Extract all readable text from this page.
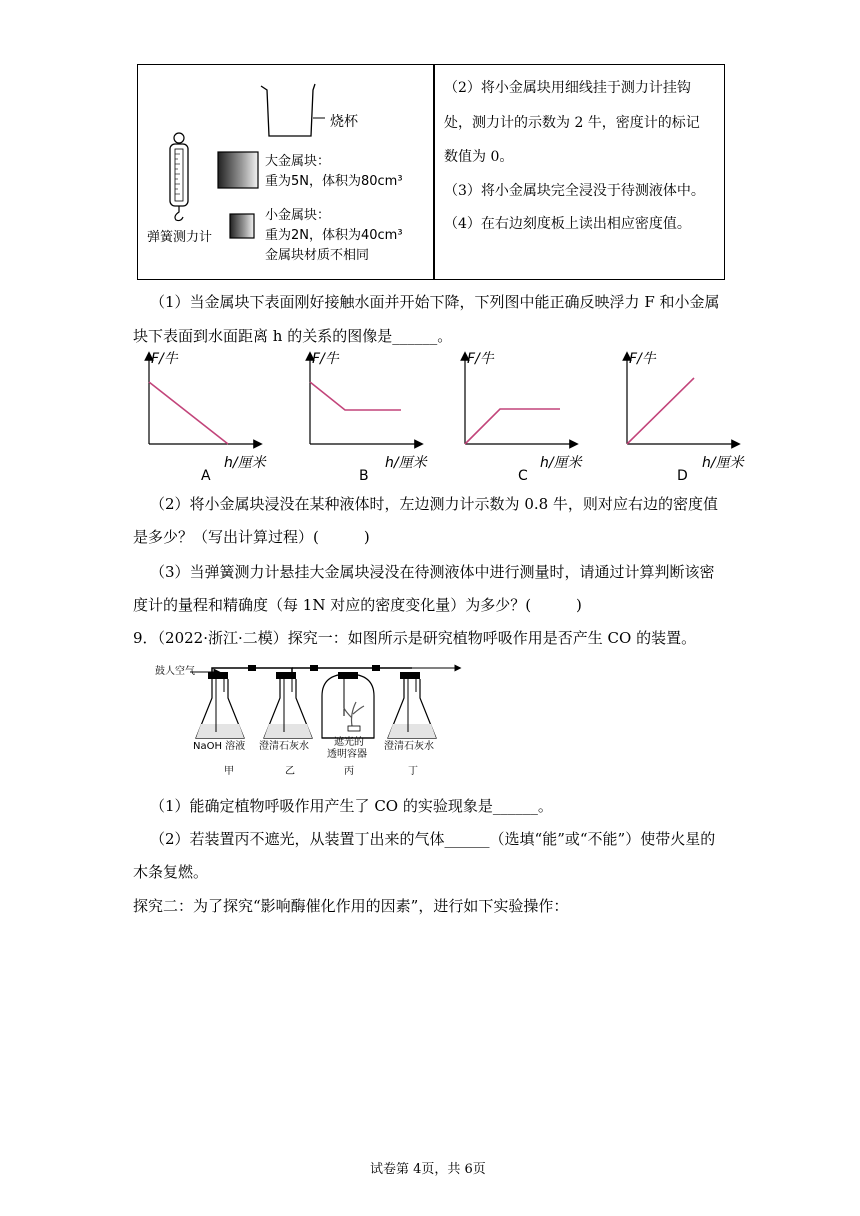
烧杯
大金属块：
重为5N，体积为80cm³
小金属块：
重为2N，体积为40cm³
金属块材质不相同
弹簧测力计
（2）将小金属块用细线挂于测力计挂钩
处，测力计的示数为 2 牛，密度计的标记
数值为 0。
（3）将小金属块完全浸没于待测液体中。
（4）在右边刻度板上读出相应密度值。
（1）当金属块下表面刚好接触水面并开始下降，下列图中能正确反映浮力 F 和小金属
块下表面到水面距离 h 的关系的图像是______。
F/牛	F/牛	F/牛	F/牛
h/厘米	h/厘米	h/厘米	h/厘米
A	B	C	D
（2）将小金属块浸没在某种液体时，左边测力计示数为 0.8 牛，则对应右边的密度值
是多少？（写出计算过程）(　　　)
（3）当弹簧测力计悬挂大金属块浸没在待测液体中进行测量时，请通过计算判断该密
度计的量程和精确度（每 1N 对应的密度变化量）为多少？(　　　)
9．（2022·浙江·二模）探究一：如图所示是研究植物呼吸作用是否产生 CO 的装置。
鼓人空气
NaOH 溶液 澄清石灰水	遮光的
透明容器
澄清石灰水
甲	乙	丙	丁
（1）能确定植物呼吸作用产生了 CO 的实验现象是______。
（2）若装置丙不遮光，从装置丁出来的气体______（选填“能”或“不能”）使带火星的
木条复燃。
探究二：为了探究“影响酶催化作用的因素”，进行如下实验操作：
试卷第 4页，共 6页
